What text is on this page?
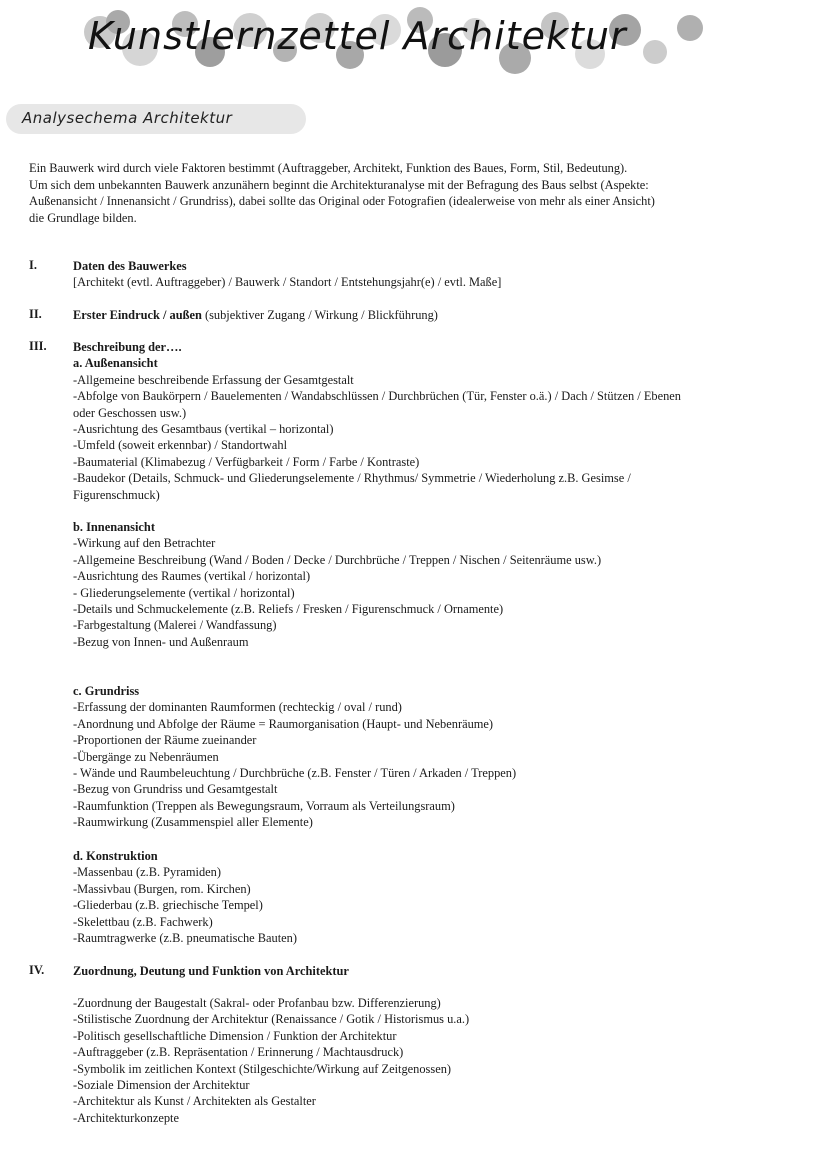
Kunstlernzettel Architektur
Analysechema Architektur

Ein Bauwerk wird durch viele Faktoren bestimmt (Auftraggeber, Architekt, Funktion des Baues, Form, Stil, Bedeutung).

Um sich dem unbekannten Bauwerk anzunähern beginnt die Architekturanalyse mit der Befragung des Baus selbst (Aspekte: Außenansicht / Innenansicht / Grundriss), dabei sollte das Original oder Fotografien (idealerweise von mehr als einer Ansicht) die Grundlage bilden.

I.	Daten des Bauwerkes
[Architekt (evtl. Auftraggeber) / Bauwerk / Standort / Entstehungsjahr(e) / evtl. Maße]
II.	Erster Eindruck / außen (subjektiver Zugang / Wirkung / Blickführung)
III. Beschreibung der….
a. Außenansicht
-Allgemeine beschreibende Erfassung der Gesamtgestalt
-Abfolge von Baukörpern / Bauelementen / Wandabschlüssen / Durchbrüchen (Tür, Fenster o.ä.) / Dach / Stützen / Ebenen oder Geschossen usw.)
-Ausrichtung des Gesamtbaus (vertikal – horizontal)
-Umfeld (soweit erkennbar) / Standortwahl
-Baumaterial (Klimabezug / Verfügbarkeit / Form / Farbe / Kontraste)
-Baudekor (Details, Schmuck- und Gliederungselemente / Rhythmus/ Symmetrie / Wiederholung z.B. Gesimse / Figurenschmuck)
b. Innenansicht
-Wirkung auf den Betrachter
-Allgemeine Beschreibung (Wand / Boden / Decke / Durchbrüche / Treppen / Nischen / Seitenräume usw.)
-Ausrichtung des Raumes (vertikal / horizontal)
- Gliederungselemente (vertikal / horizontal)
-Details und Schmuckelemente (z.B. Reliefs / Fresken / Figurenschmuck / Ornamente)
-Farbgestaltung (Malerei / Wandfassung)
-Bezug von Innen- und Außenraum
c. Grundriss
-Erfassung der dominanten Raumformen (rechteckig / oval / rund)
-Anordnung und Abfolge der Räume = Raumorganisation (Haupt- und Nebenräume)
-Proportionen der Räume zueinander
-Übergänge zu Nebenräumen
- Wände und Raumbeleuchtung / Durchbrüche (z.B. Fenster / Türen / Arkaden / Treppen)
-Bezug von Grundriss und Gesamtgestalt
-Raumfunktion (Treppen als Bewegungsraum, Vorraum als Verteilungsraum)
-Raumwirkung (Zusammenspiel aller Elemente)
d. Konstruktion
-Massenbau (z.B. Pyramiden)
-Massivbau (Burgen, rom. Kirchen)
-Gliederbau (z.B. griechische Tempel)
-Skelettbau (z.B. Fachwerk)
-Raumtragwerke (z.B. pneumatische Bauten)
IV. Zuordnung, Deutung und Funktion von Architektur
-Zuordnung der Baugestalt (Sakral- oder Profanbau bzw. Differenzierung)
-Stilistische Zuordnung der Architektur (Renaissance / Gotik / Historismus u.a.)
-Politisch gesellschaftliche Dimension / Funktion der Architektur
-Auftraggeber (z.B. Repräsentation / Erinnerung / Machtausdruck)
-Symbolik im zeitlichen Kontext (Stilgeschichte/Wirkung auf Zeitgenossen)
-Soziale Dimension der Architektur
-Architektur als Kunst / Architekten als Gestalter
-Architekturkonzepte
